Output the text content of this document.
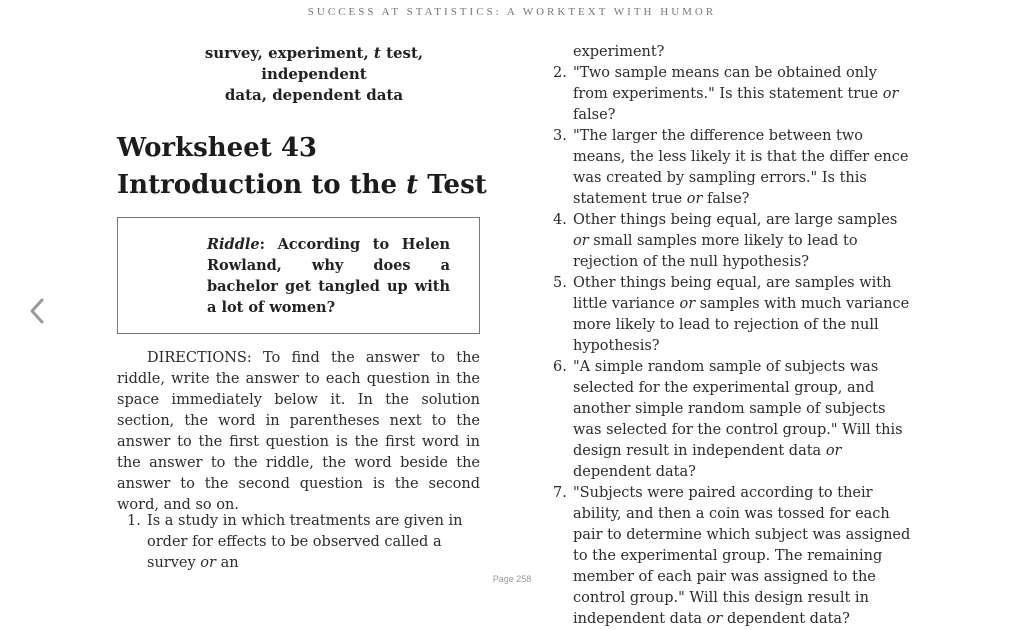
SUCCESS AT STATISTICS: A WORKTEXT WITH HUMOR
survey, experiment, t test, independent
data, dependent data
Worksheet 43
Introduction to the t Test
Riddle: According to Helen Rowland, why does a bachelor get tangled up with a lot of women?
DIRECTIONS: To find the answer to the riddle, write the answer to each question in the space immediately below it. In the solution section, the word in parentheses next to the answer to the first question is the first word in the answer to the riddle, the word beside the answer to the second question is the second word, and so on.
1. Is a study in which treatments are given in order for effects to be observed called a survey or an
experiment?
2. "Two sample means can be obtained only from experiments." Is this statement true or false?
3. "The larger the difference between two means, the less likely it is that the differ ence was created by sampling errors." Is this statement true or false?
4. Other things being equal, are large samples or small samples more likely to lead to rejection of the null hypothesis?
5. Other things being equal, are samples with little variance or samples with much variance more likely to lead to rejection of the null hypothesis?
6. "A simple random sample of subjects was selected for the experimental group, and another simple random sample of subjects was selected for the control group." Will this design result in independent data or dependent data?
7. "Subjects were paired according to their ability, and then a coin was tossed for each pair to determine which subject was assigned to the experimental group. The remaining member of each pair was assigned to the control group." Will this design result in independent data or dependent data?
Page 258
